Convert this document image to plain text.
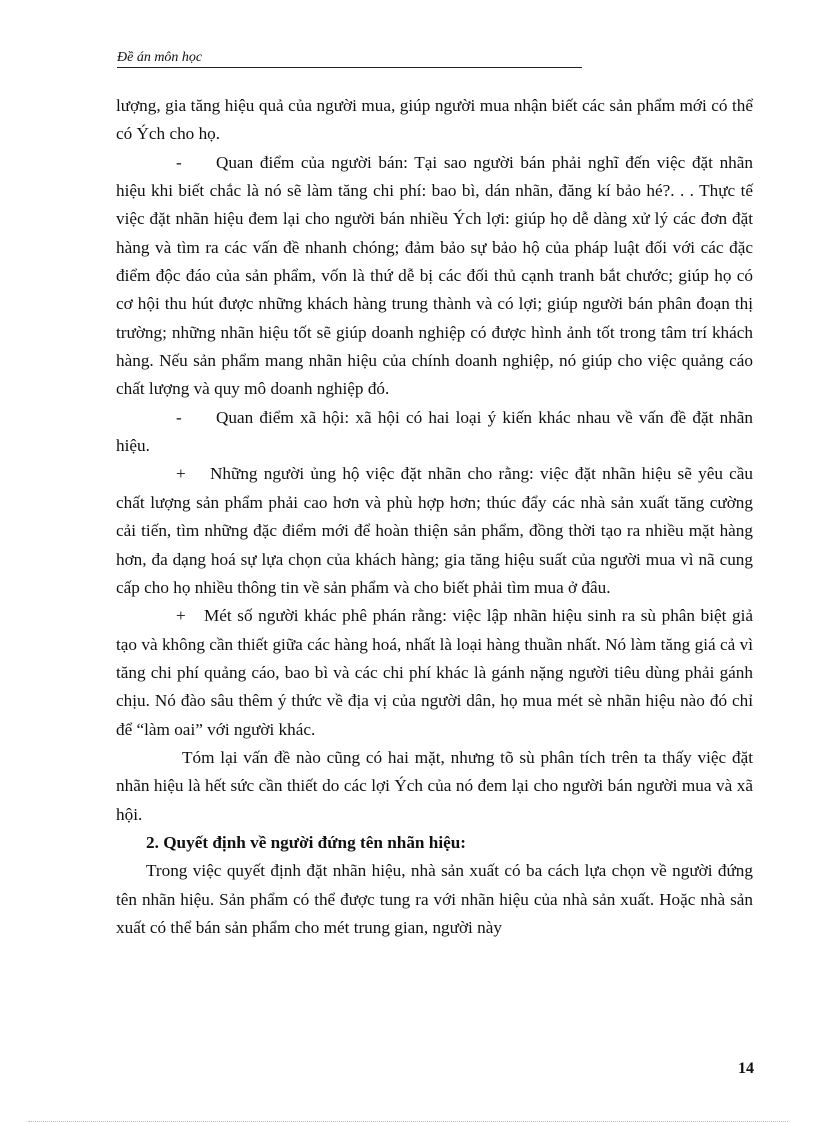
Đề án môn học

lượng, gia tăng hiệu quả của người mua, giúp người mua nhận biết các sản phẩm mới có thể có Ých cho họ.

- Quan điểm của người bán: Tại sao người bán phải nghĩ đến việc đặt nhãn hiệu khi biết chắc là nó sẽ làm tăng chi phí: bao bì, dán nhãn, đăng kí bảo hé?. . . Thực tế việc đặt nhãn hiệu đem lại cho người bán nhiều Ých lợi: giúp họ dễ dàng xử lý các đơn đặt hàng và tìm ra các vấn đề nhanh chóng; đảm bảo sự bảo hộ của pháp luật đối với các đặc điểm độc đáo của sản phẩm, vốn là thứ dễ bị các đối thủ cạnh tranh bắt chước; giúp họ có cơ hội thu hút được những khách hàng trung thành và có lợi; giúp người bán phân đoạn thị trường; những nhãn hiệu tốt sẽ giúp doanh nghiệp có được hình ảnh tốt trong tâm trí khách hàng. Nếu sản phẩm mang nhãn hiệu của chính doanh nghiệp, nó giúp cho việc quảng cáo chất lượng và quy mô doanh nghiệp đó.

- Quan điểm xã hội: xã hội có hai loại ý kiến khác nhau về vấn đề đặt nhãn hiệu.

+ Những người ủng hộ việc đặt nhãn cho rằng: việc đặt nhãn hiệu sẽ yêu cầu chất lượng sản phẩm phải cao hơn và phù hợp hơn; thúc đẩy các nhà sản xuất tăng cường cải tiến, tìm những đặc điểm mới để hoàn thiện sản phẩm, đồng thời tạo ra nhiều mặt hàng hơn, đa dạng hoá sự lựa chọn của khách hàng; gia tăng hiệu suất của người mua vì nã cung cấp cho họ nhiều thông tin về sản phẩm và cho biết phải tìm mua ở đâu.

+ Mét số người khác phê phán rằng: việc lập nhãn hiệu sinh ra sù phân biệt giả tạo và không cần thiết giữa các hàng hoá, nhất là loại hàng thuần nhất. Nó làm tăng giá cả vì tăng chi phí quảng cáo, bao bì và các chi phí khác là gánh nặng người tiêu dùng phải gánh chịu. Nó đào sâu thêm ý thức về địa vị của người dân, họ mua mét sè nhãn hiệu nào đó chỉ để “làm oai” với người khác.

Tóm lại vấn đề nào cũng có hai mặt, nhưng tõ sù phân tích trên ta thấy việc đặt nhãn hiệu là hết sức cần thiết do các lợi Ých của nó đem lại cho người bán người mua và xã hội.

2. Quyết định về người đứng tên nhãn hiệu:

Trong việc quyết định đặt nhãn hiệu, nhà sản xuất có ba cách lựa chọn về người đứng tên nhãn hiệu. Sản phẩm có thể được tung ra với nhãn hiệu của nhà sản xuất. Hoặc nhà sản xuất có thể bán sản phẩm cho mét trung gian, người này

14
